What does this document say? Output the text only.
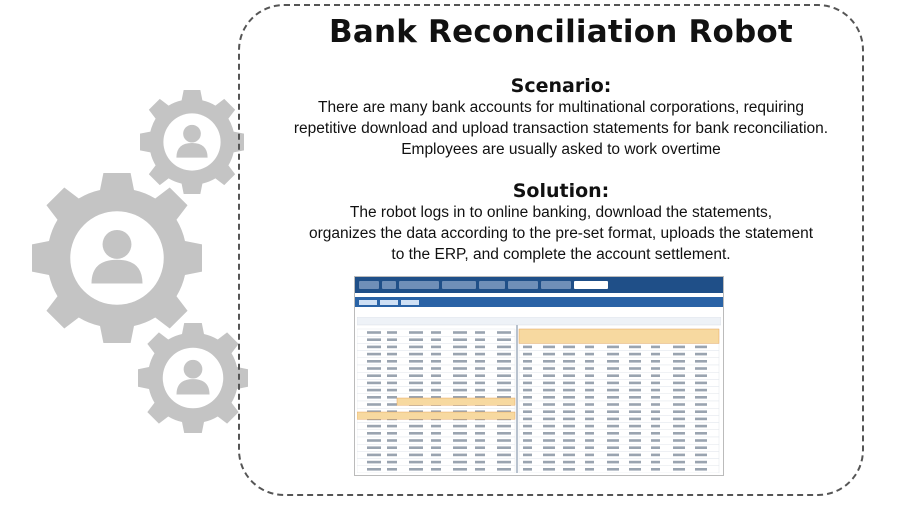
Bank Reconciliation Robot
Scenario:
There are many bank accounts for multinational corporations, requiring
repetitive download and upload transaction statements for bank reconciliation.
Employees are usually asked to work overtime
Solution:
The robot logs in to online banking, download the statements,
organizes the data according to the pre-set format, uploads the statement
to the ERP, and complete the account settlement.
